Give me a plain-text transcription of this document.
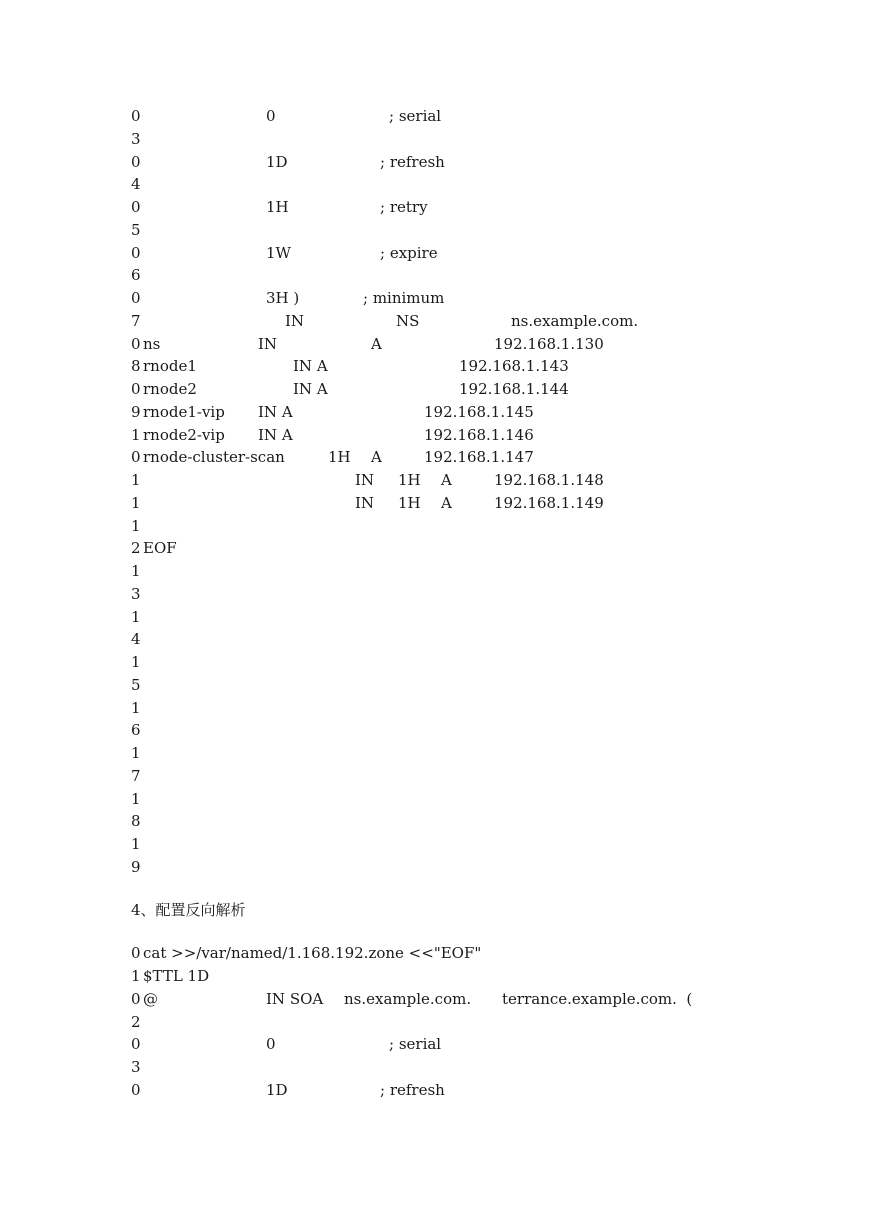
0	0	; serial
3
0	1D	; refresh
4
0	1H	; retry
5
0	1W	; expire
6
0	3H )	; minimum
7	IN	NS	ns.example.com.
0 ns	IN	A	192.168.1.130
8 rnode1	IN A	192.168.1.143
0 rnode2	IN A	192.168.1.144
9 rnode1-vip IN A	192.168.1.145
1 rnode2-vip IN A	192.168.1.146
0 rnode-cluster-scan	1H A	192.168.1.147
1	IN 1H A	192.168.1.148
1	IN 1H A	192.168.1.149
1
2 EOF
1
3
1
4
1
5
1
6
1
7
1
8
1
9
4、配置反向解析
0 cat >>/var/named/1.168.192.zone <<"EOF"
1 $TTL 1D
0 @	IN SOA ns.example.com. terrance.example.com.  (
2
0	0	; serial
3
0	1D	; refresh
